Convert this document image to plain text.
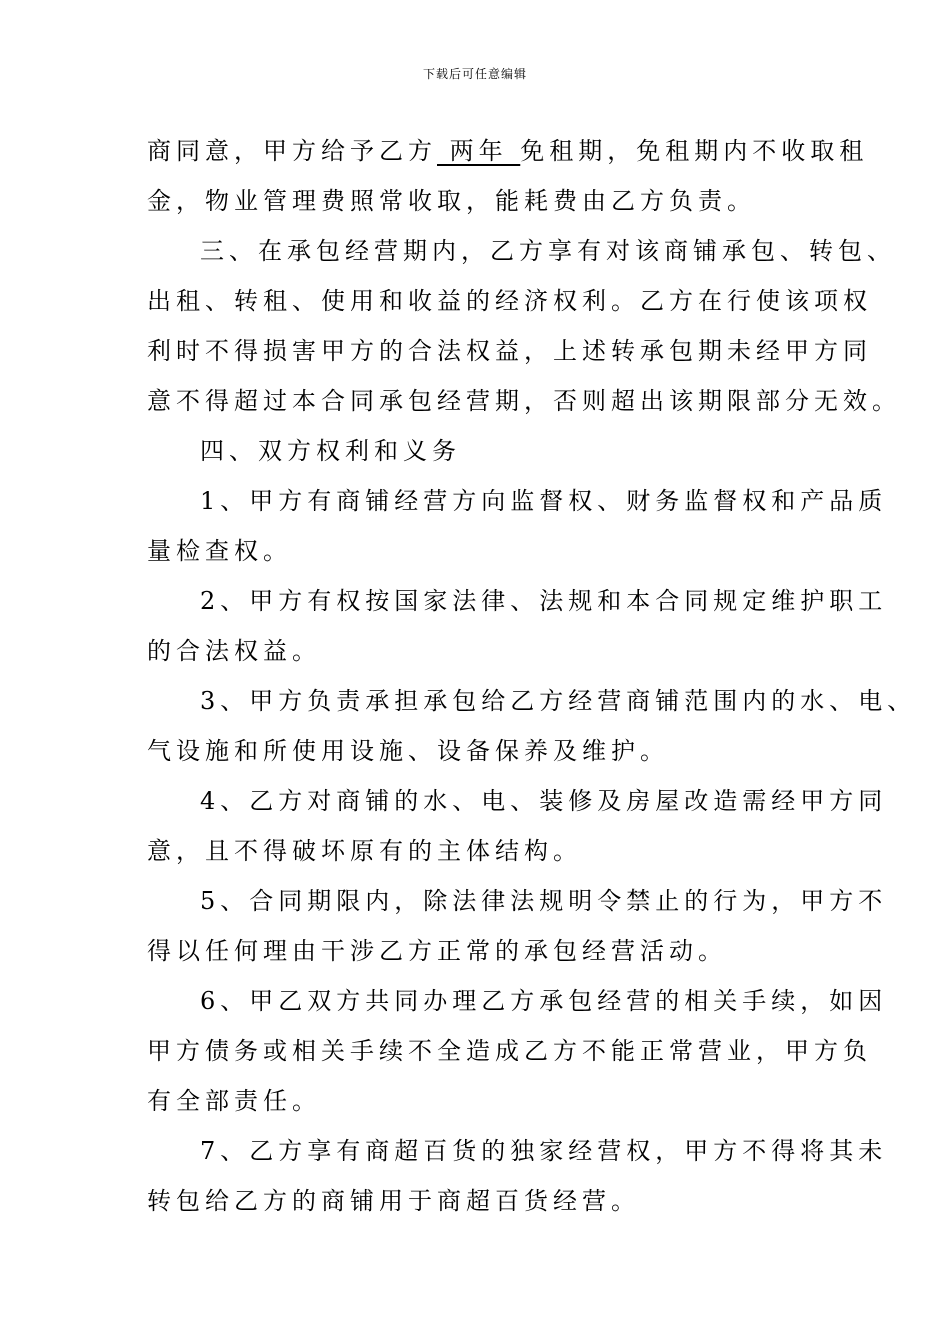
下载后可任意编辑
商同意，甲方给予乙方 两年 免租期，免租期内不收取租
金，物业管理费照常收取，能耗费由乙方负责。
三、在承包经营期内，乙方享有对该商铺承包、转包、
出租、转租、使用和收益的经济权利。乙方在行使该项权
利时不得损害甲方的合法权益，上述转承包期未经甲方同
意不得超过本合同承包经营期，否则超出该期限部分无效。
四、双方权利和义务
1、甲方有商铺经营方向监督权、财务监督权和产品质
量检查权。
2、甲方有权按国家法律、法规和本合同规定维护职工
的合法权益。
3、甲方负责承担承包给乙方经营商铺范围内的水、电、
气设施和所使用设施、设备保养及维护。
4、乙方对商铺的水、电、装修及房屋改造需经甲方同
意，且不得破坏原有的主体结构。
5、合同期限内，除法律法规明令禁止的行为，甲方不
得以任何理由干涉乙方正常的承包经营活动。
6、甲乙双方共同办理乙方承包经营的相关手续，如因
甲方债务或相关手续不全造成乙方不能正常营业，甲方负
有全部责任。
7、乙方享有商超百货的独家经营权，甲方不得将其未
转包给乙方的商铺用于商超百货经营。
